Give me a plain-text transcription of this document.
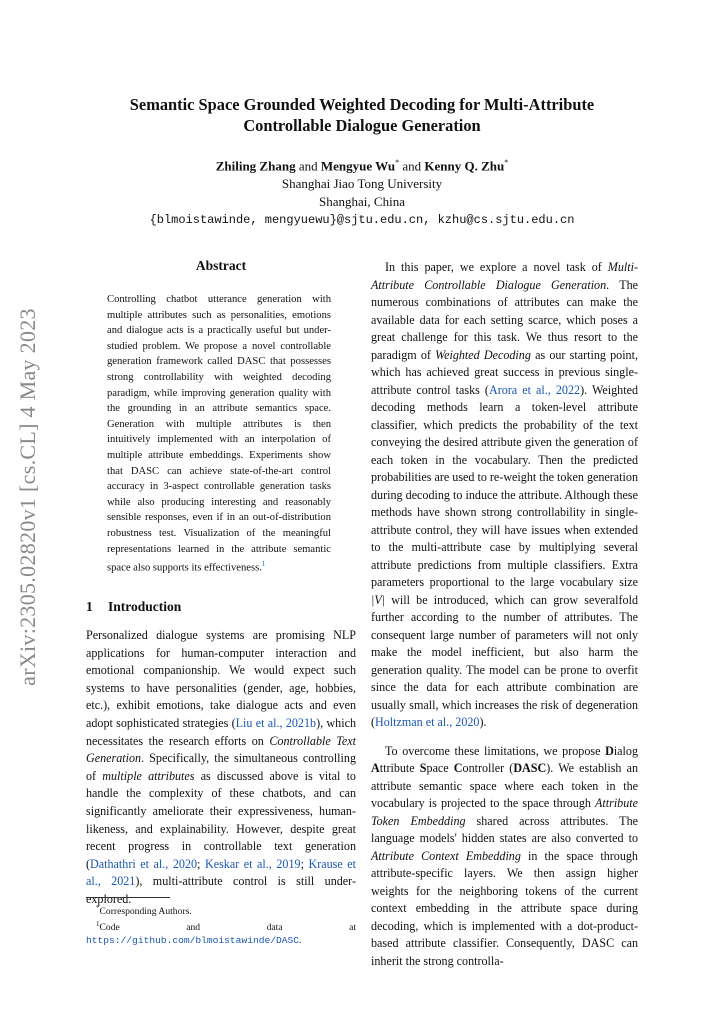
arXiv:2305.02820v1 [cs.CL] 4 May 2023
Semantic Space Grounded Weighted Decoding for Multi-Attribute
Controllable Dialogue Generation
Zhiling Zhang and Mengyue Wu* and Kenny Q. Zhu*
Shanghai Jiao Tong University
Shanghai, China
{blmoistawinde, mengyuewu}@sjtu.edu.cn, kzhu@cs.sjtu.edu.cn
Abstract
Controlling chatbot utterance generation with multiple attributes such as personalities, emotions and dialogue acts is a practically useful but under-studied problem. We propose a novel controllable generation framework called DASC that possesses strong controllability with weighted decoding paradigm, while improving generation quality with the grounding in an attribute semantics space. Generation with multiple attributes is then intuitively implemented with an interpolation of multiple attribute embeddings. Experiments show that DASC can achieve state-of-the-art control accuracy in 3-aspect controllable generation tasks while also producing interesting and reasonably sensible responses, even if in an out-of-distribution robustness test. Visualization of the meaningful representations learned in the attribute semantic space also supports its effectiveness.$^1$
1 Introduction

Personalized dialogue systems are promising NLP applications for human-computer interaction and emotional companionship. We would expect such systems to have personalities (gender, age, hobbies, etc.), exhibit emotions, take dialogue acts and even adopt sophisticated strategies (Liu et al., 2021b), which necessitates the research efforts on Controllable Text Generation. Specifically, the simultaneous controlling of multiple attributes as discussed above is vital to handle the complexity of these chatbots, and can significantly ameliorate their expressiveness, human-likeness, and explainability. However, despite great recent progress in controllable text generation (Dathathri et al., 2020; Keskar et al., 2019; Krause et al., 2021), multi-attribute control is still under-explored.

*Corresponding Authors.

$^1$Code and data at https://github.com/blmoistawinde/DASC.

In this paper, we explore a novel task of Multi-Attribute Controllable Dialogue Generation. The numerous combinations of attributes can make the available data for each setting scarce, which poses a great challenge for this task. We thus resort to the paradigm of Weighted Decoding as our starting point, which has achieved great success in previous single-attribute control tasks (Arora et al., 2022). Weighted decoding methods learn a token-level attribute classifier, which predicts the probability of the text conveying the desired attribute given the generation of each token in the vocabulary. Then the predicted probabilities are used to re-weight the token generation during decoding to induce the attribute. Although these methods have shown strong controllability in single-attribute control, they will have issues when extended to the multi-attribute case by multiplying several attribute predictions from multiple classifiers. Extra parameters proportional to the large vocabulary size |V| will be introduced, which can grow severalfold further according to the number of attributes. The consequent large number of parameters will not only make the model inefficient, but also harm the generation quality. The model can be prone to overfit since the data for each attribute combination are usually small, which increases the risk of degeneration (Holtzman et al., 2020).

To overcome these limitations, we propose Dialog Attribute Space Controller (DASC). We establish an attribute semantic space where each token in the vocabulary is projected to the space through Attribute Token Embedding shared across attributes. The language models' hidden states are also converted to Attribute Context Embedding in the space through attribute-specific layers. We then assign higher weights for the neighboring tokens of the current context embedding in the attribute space during decoding, which is implemented with a dot-product-based attribute classifier. Consequently, DASC can inherit the strong controlla-
